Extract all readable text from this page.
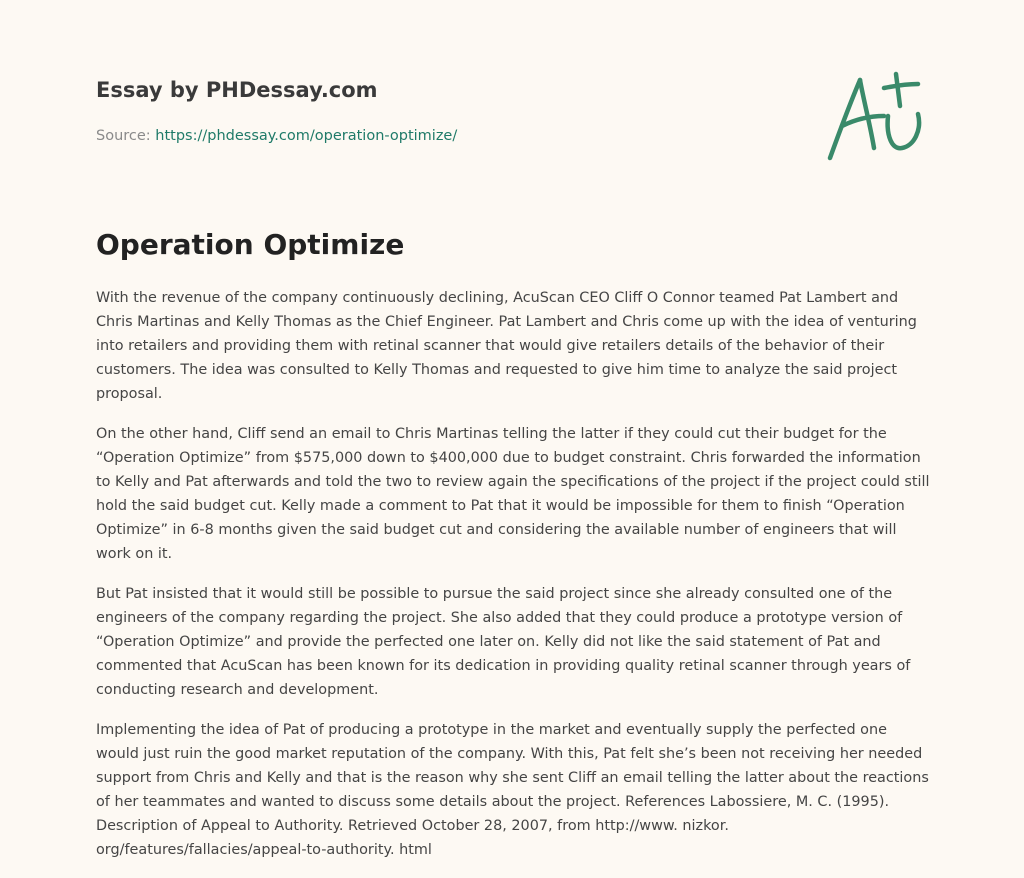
Essay by PHDessay.com
Source: https://phdessay.com/operation-optimize/
Operation Optimize

With the revenue of the company continuously declining, AcuScan CEO Cliff O Connor teamed Pat Lambert and Chris Martinas and Kelly Thomas as the Chief Engineer. Pat Lambert and Chris come up with the idea of venturing into retailers and providing them with retinal scanner that would give retailers details of the behavior of their customers. The idea was consulted to Kelly Thomas and requested to give him time to analyze the said project proposal.

On the other hand, Cliff send an email to Chris Martinas telling the latter if they could cut their budget for the “Operation Optimize” from $575,000 down to $400,000 due to budget constraint. Chris forwarded the information to Kelly and Pat afterwards and told the two to review again the specifications of the project if the project could still hold the said budget cut. Kelly made a comment to Pat that it would be impossible for them to finish “Operation Optimize” in 6-8 months given the said budget cut and considering the available number of engineers that will work on it.

But Pat insisted that it would still be possible to pursue the said project since she already consulted one of the engineers of the company regarding the project. She also added that they could produce a prototype version of “Operation Optimize” and provide the perfected one later on. Kelly did not like the said statement of Pat and commented that AcuScan has been known for its dedication in providing quality retinal scanner through years of conducting research and development.

Implementing the idea of Pat of producing a prototype in the market and eventually supply the perfected one would just ruin the good market reputation of the company. With this, Pat felt she’s been not receiving her needed support from Chris and Kelly and that is the reason why she sent Cliff an email telling the latter about the reactions of her teammates and wanted to discuss some details about the project. References Labossiere, M. C. (1995). Description of Appeal to Authority. Retrieved October 28, 2007, from http://www. nizkor. org/features/fallacies/appeal-to-authority. html
